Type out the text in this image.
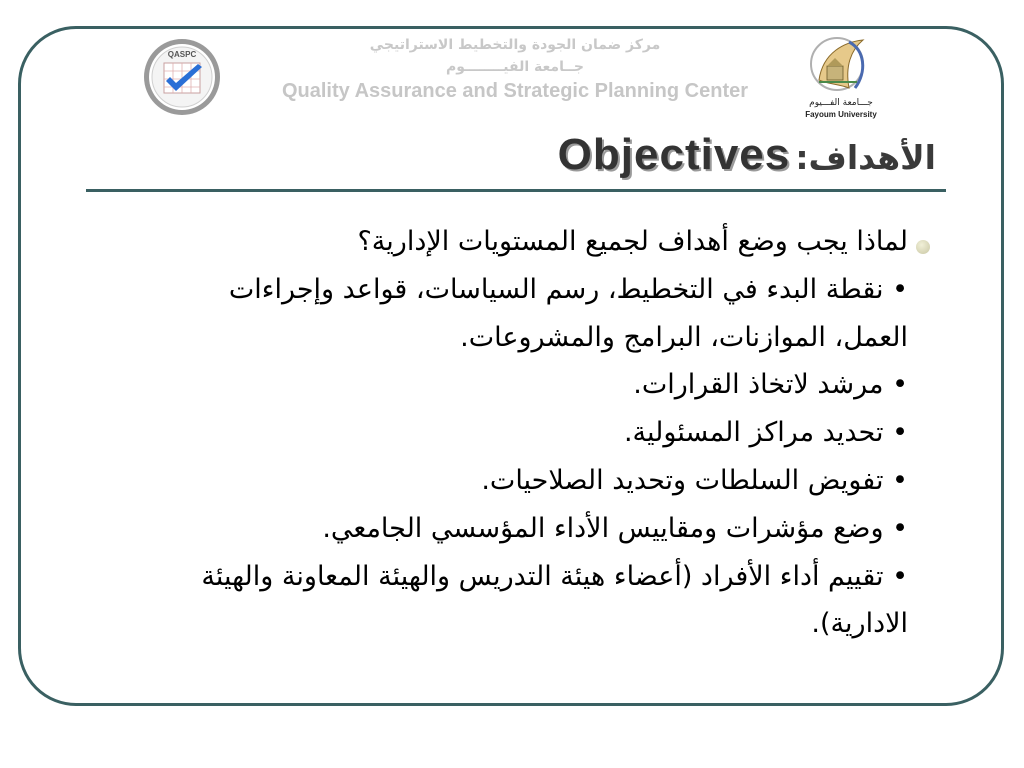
QASPC
مركز ضمان الجودة والتخطيط الاستراتيجي
جــامعة الفيــــــــوم
Quality Assurance and Strategic Planning Center
جـــامعة الفـــيوم
Fayoum University
الأهداف: Objectives

لماذا يجب وضع أهداف لجميع المستويات الإدارية؟

• نقطة البدء في التخطيط، رسم السياسات، قواعد وإجراءات العمل، الموازنات، البرامج والمشروعات.

• مرشد لاتخاذ القرارات.

• تحديد مراكز المسئولية.

• تفويض السلطات وتحديد الصلاحيات.

• وضع مؤشرات ومقاييس الأداء المؤسسي الجامعي.

• تقييم أداء الأفراد (أعضاء هيئة التدريس والهيئة المعاونة والهيئة الادارية).
